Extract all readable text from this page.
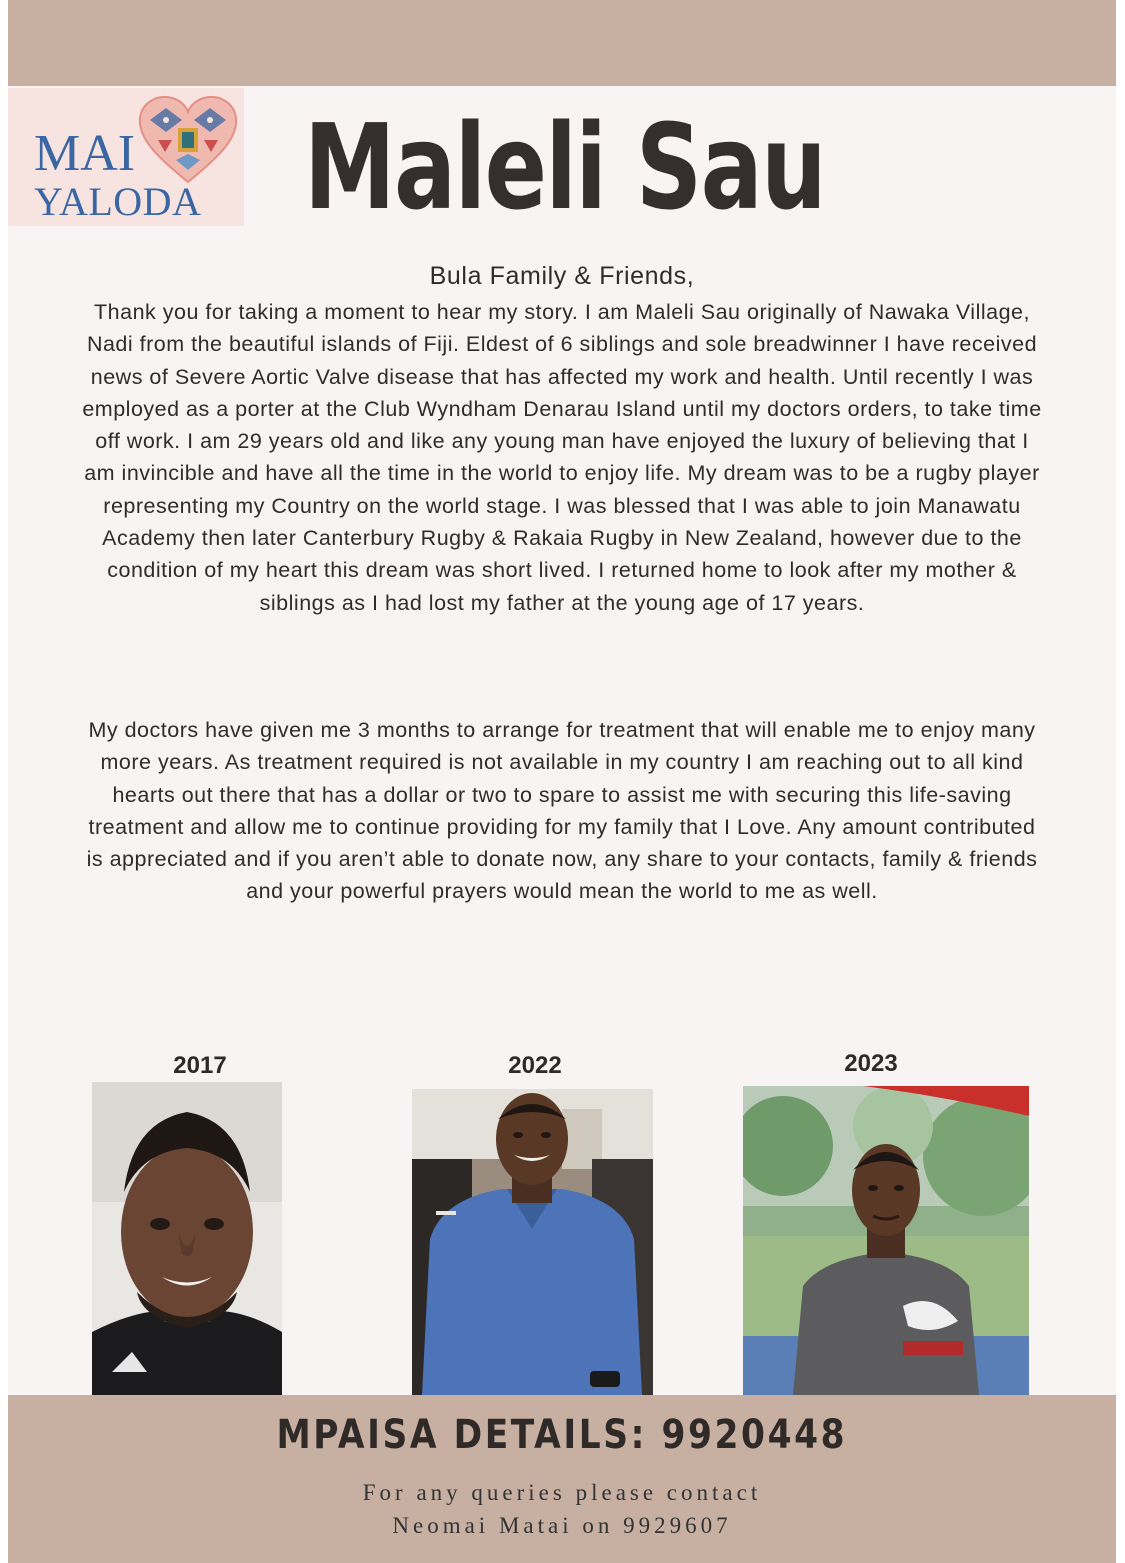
MAI
YALODA Maleli Sau
Bula Family & Friends,
Thank you for taking a moment to hear my story. I am Maleli Sau originally of Nawaka Village, Nadi from the beautiful islands of Fiji. Eldest of 6 siblings and sole breadwinner I have received news of Severe Aortic Valve disease that has affected my work and health. Until recently I was employed as a porter at the Club Wyndham Denarau Island until my doctors orders, to take time off work. I am 29 years old and like any young man have enjoyed the luxury of believing that I am invincible and have all the time in the world to enjoy life. My dream was to be a rugby player representing my Country on the world stage. I was blessed that I was able to join Manawatu Academy then later Canterbury Rugby & Rakaia Rugby in New Zealand, however due to the condition of my heart this dream was short lived. I returned home to look after my mother & siblings as I had lost my father at the young age of 17 years.
My doctors have given me 3 months to arrange for treatment that will enable me to enjoy many more years. As treatment required is not available in my country I am reaching out to all kind hearts out there that has a dollar or two to spare to assist me with securing this life-saving treatment and allow me to continue providing for my family that I Love. Any amount contributed is appreciated and if you aren’t able to donate now, any share to your contacts, family & friends and your powerful prayers would mean the world to me as well.
2017	2022	2023
MPAISA DETAILS: 9920448
For any queries please contact
Neomai Matai on 9929607
